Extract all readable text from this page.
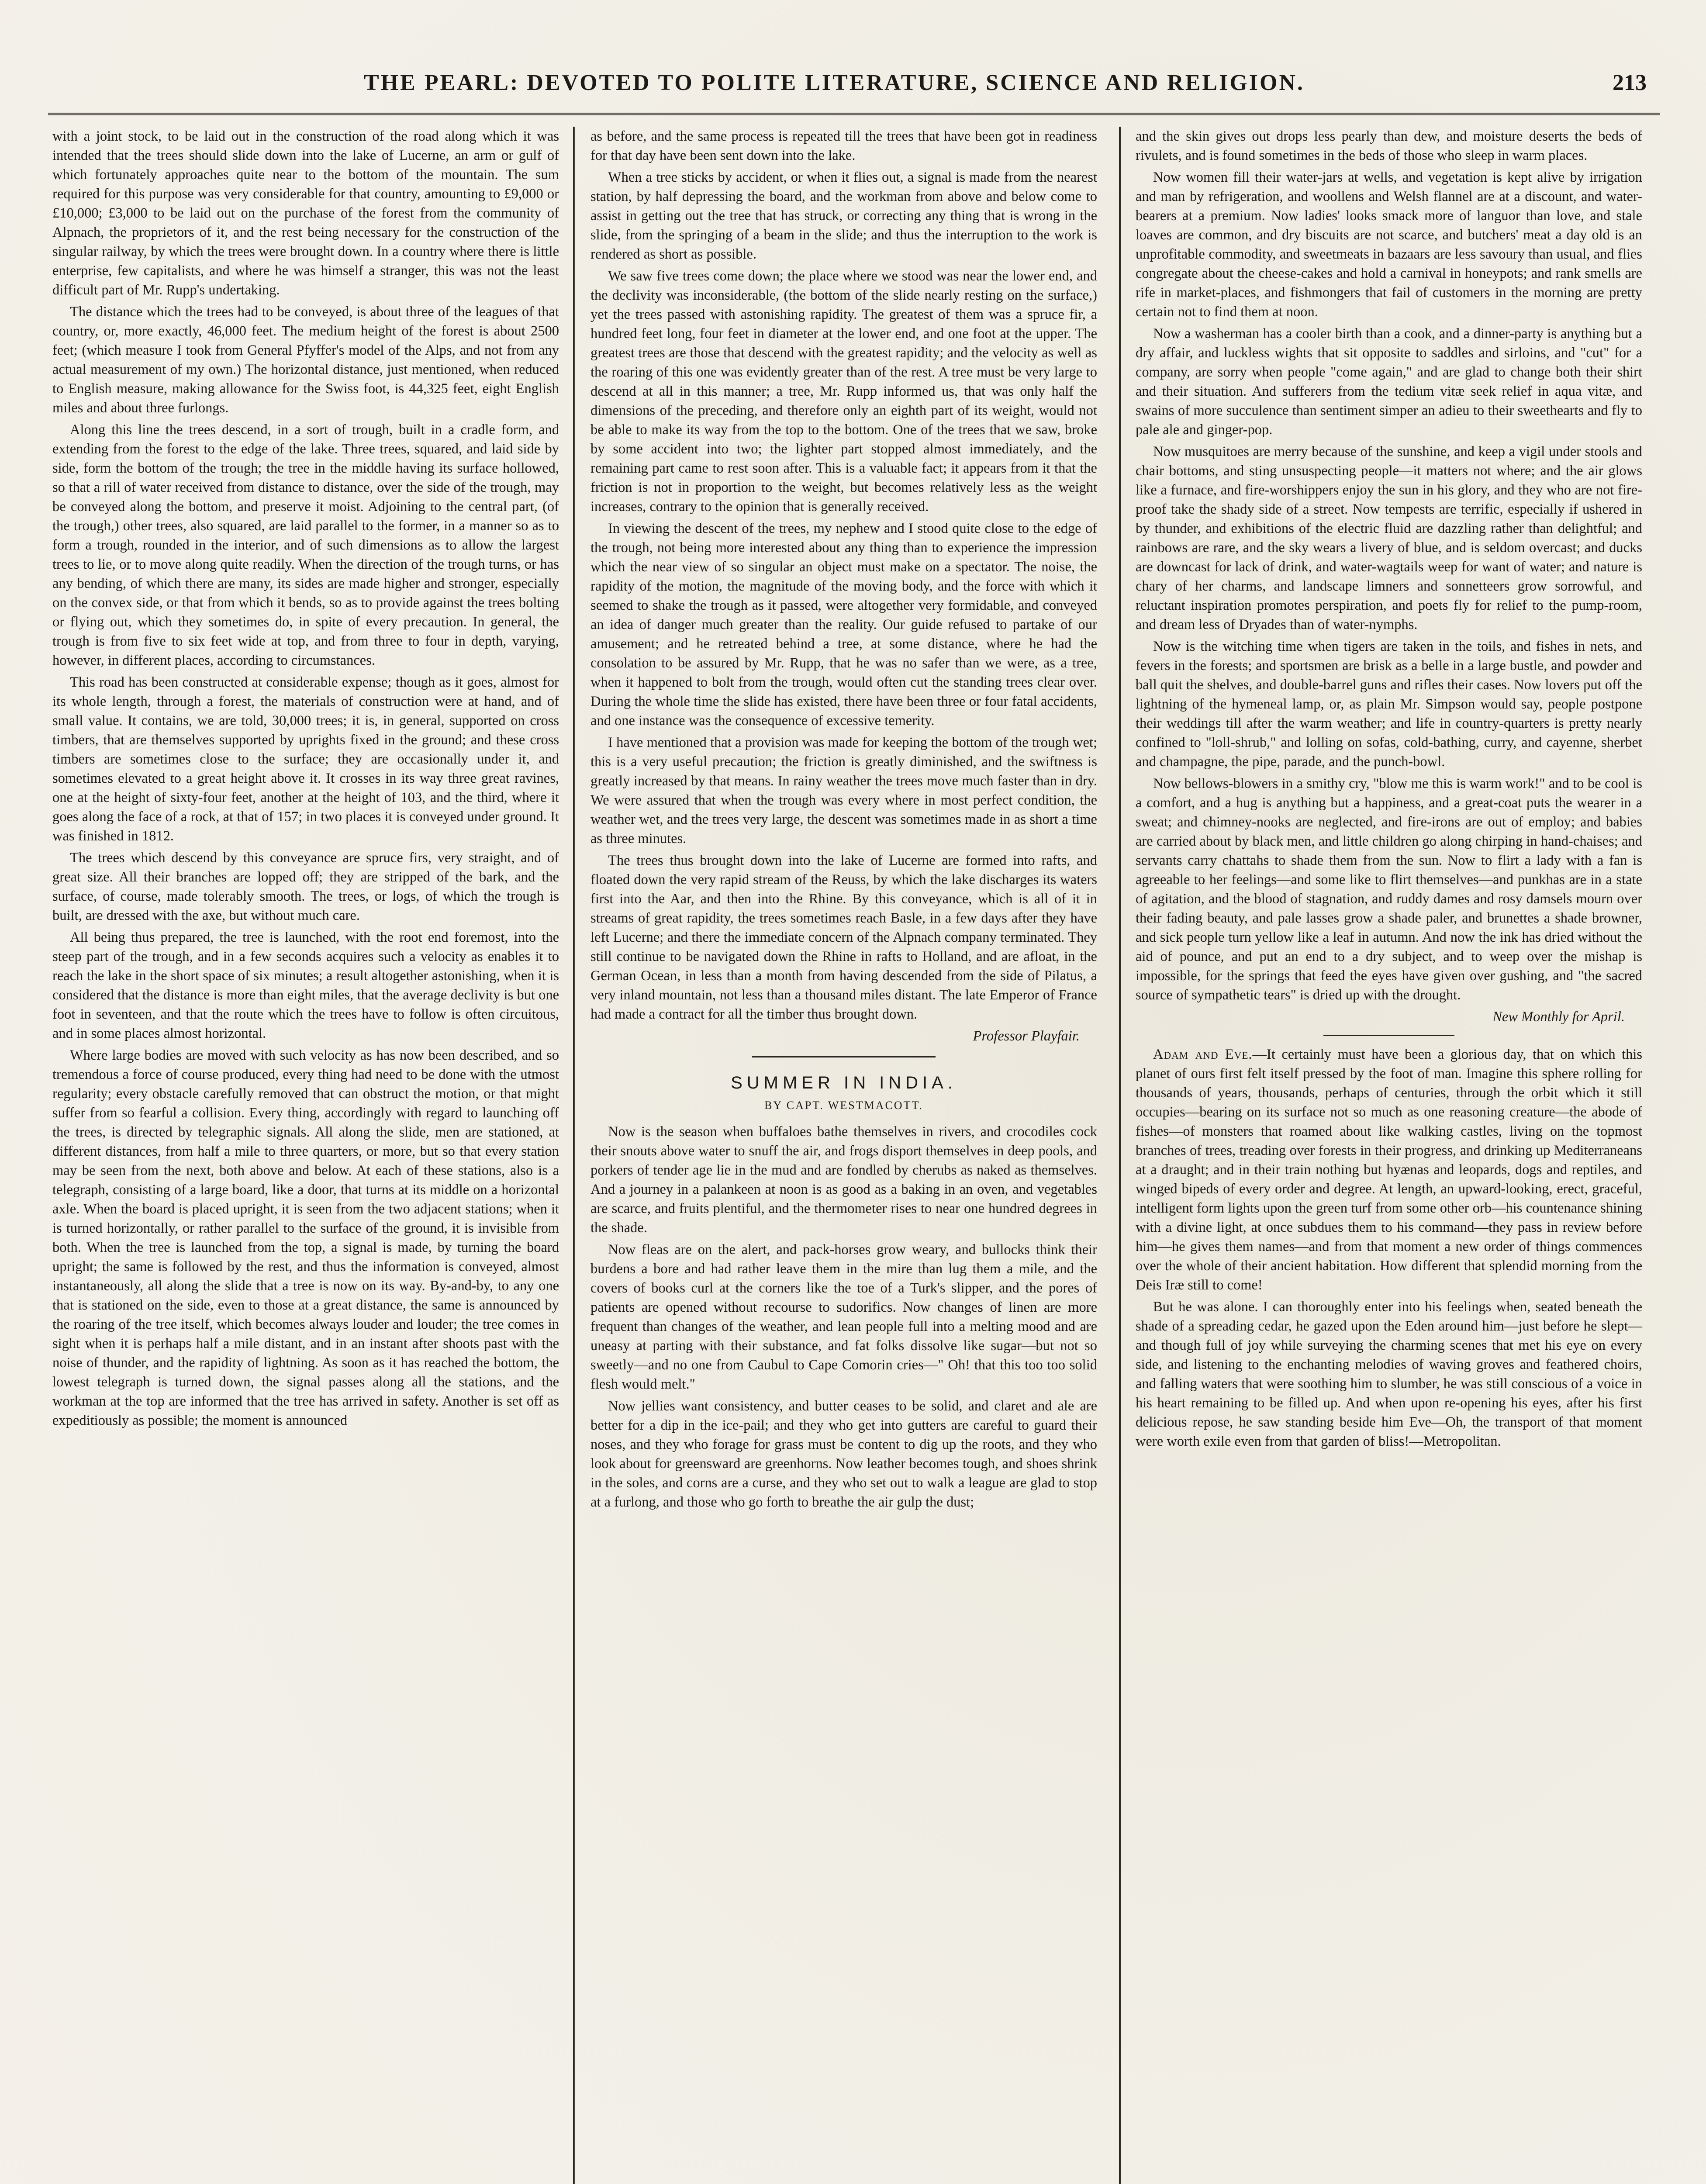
THE PEARL: DEVOTED TO POLITE LITERATURE, SCIENCE AND RELIGION.	213

with a joint stock, to be laid out in the construction of the road along which it was intended that the trees should slide down into the lake of Lucerne, an arm or gulf of which fortunately approaches quite near to the bottom of the mountain. The sum required for this purpose was very considerable for that country, amounting to £9,000 or £10,000; £3,000 to be laid out on the purchase of the forest from the community of Alpnach, the proprietors of it, and the rest being necessary for the construction of the singular railway, by which the trees were brought down. In a country where there is little enterprise, few capitalists, and where he was himself a stranger, this was not the least difficult part of Mr. Rupp's undertaking.

The distance which the trees had to be conveyed, is about three of the leagues of that country, or, more exactly, 46,000 feet. The medium height of the forest is about 2500 feet; (which measure I took from General Pfyffer's model of the Alps, and not from any actual measurement of my own.) The horizontal distance, just mentioned, when reduced to English measure, making allowance for the Swiss foot, is 44,325 feet, eight English miles and about three furlongs.

Along this line the trees descend, in a sort of trough, built in a cradle form, and extending from the forest to the edge of the lake. Three trees, squared, and laid side by side, form the bottom of the trough; the tree in the middle having its surface hollowed, so that a rill of water received from distance to distance, over the side of the trough, may be conveyed along the bottom, and preserve it moist. Adjoining to the central part, (of the trough,) other trees, also squared, are laid parallel to the former, in a manner so as to form a trough, rounded in the interior, and of such dimensions as to allow the largest trees to lie, or to move along quite readily. When the direction of the trough turns, or has any bending, of which there are many, its sides are made higher and stronger, especially on the convex side, or that from which it bends, so as to provide against the trees bolting or flying out, which they sometimes do, in spite of every precaution. In general, the trough is from five to six feet wide at top, and from three to four in depth, varying, however, in different places, according to circumstances.

This road has been constructed at considerable expense; though as it goes, almost for its whole length, through a forest, the materials of construction were at hand, and of small value. It contains, we are told, 30,000 trees; it is, in general, supported on cross timbers, that are themselves supported by uprights fixed in the ground; and these cross timbers are sometimes close to the surface; they are occasionally under it, and sometimes elevated to a great height above it. It crosses in its way three great ravines, one at the height of sixty-four feet, another at the height of 103, and the third, where it goes along the face of a rock, at that of 157; in two places it is conveyed under ground. It was finished in 1812.

The trees which descend by this conveyance are spruce firs, very straight, and of great size. All their branches are lopped off; they are stripped of the bark, and the surface, of course, made tolerably smooth. The trees, or logs, of which the trough is built, are dressed with the axe, but without much care.

All being thus prepared, the tree is launched, with the root end foremost, into the steep part of the trough, and in a few seconds acquires such a velocity as enables it to reach the lake in the short space of six minutes; a result altogether astonishing, when it is considered that the distance is more than eight miles, that the average declivity is but one foot in seventeen, and that the route which the trees have to follow is often circuitous, and in some places almost horizontal.

Where large bodies are moved with such velocity as has now been described, and so tremendous a force of course produced, every thing had need to be done with the utmost regularity; every obstacle carefully removed that can obstruct the motion, or that might suffer from so fearful a collision. Every thing, accordingly with regard to launching off the trees, is directed by telegraphic signals. All along the slide, men are stationed, at different distances, from half a mile to three quarters, or more, but so that every station may be seen from the next, both above and below. At each of these stations, also is a telegraph, consisting of a large board, like a door, that turns at its middle on a horizontal axle. When the board is placed upright, it is seen from the two adjacent stations; when it is turned horizontally, or rather parallel to the surface of the ground, it is invisible from both. When the tree is launched from the top, a signal is made, by turning the board upright; the same is followed by the rest, and thus the information is conveyed, almost instantaneously, all along the slide that a tree is now on its way. By-and-by, to any one that is stationed on the side, even to those at a great distance, the same is announced by the roaring of the tree itself, which becomes always louder and louder; the tree comes in sight when it is perhaps half a mile distant, and in an instant after shoots past with the noise of thunder, and the rapidity of lightning. As soon as it has reached the bottom, the lowest telegraph is turned down, the signal passes along all the stations, and the workman at the top are informed that the tree has arrived in safety. Another is set off as expeditiously as possible; the moment is announced

as before, and the same process is repeated till the trees that have been got in readiness for that day have been sent down into the lake.

When a tree sticks by accident, or when it flies out, a signal is made from the nearest station, by half depressing the board, and the workman from above and below come to assist in getting out the tree that has struck, or correcting any thing that is wrong in the slide, from the springing of a beam in the slide; and thus the interruption to the work is rendered as short as possible.

We saw five trees come down; the place where we stood was near the lower end, and the declivity was inconsiderable, (the bottom of the slide nearly resting on the surface,) yet the trees passed with astonishing rapidity. The greatest of them was a spruce fir, a hundred feet long, four feet in diameter at the lower end, and one foot at the upper. The greatest trees are those that descend with the greatest rapidity; and the velocity as well as the roaring of this one was evidently greater than of the rest. A tree must be very large to descend at all in this manner; a tree, Mr. Rupp informed us, that was only half the dimensions of the preceding, and therefore only an eighth part of its weight, would not be able to make its way from the top to the bottom. One of the trees that we saw, broke by some accident into two; the lighter part stopped almost immediately, and the remaining part came to rest soon after. This is a valuable fact; it appears from it that the friction is not in proportion to the weight, but becomes relatively less as the weight increases, contrary to the opinion that is generally received.

In viewing the descent of the trees, my nephew and I stood quite close to the edge of the trough, not being more interested about any thing than to experience the impression which the near view of so singular an object must make on a spectator. The noise, the rapidity of the motion, the magnitude of the moving body, and the force with which it seemed to shake the trough as it passed, were altogether very formidable, and conveyed an idea of danger much greater than the reality. Our guide refused to partake of our amusement; and he retreated behind a tree, at some distance, where he had the consolation to be assured by Mr. Rupp, that he was no safer than we were, as a tree, when it happened to bolt from the trough, would often cut the standing trees clear over. During the whole time the slide has existed, there have been three or four fatal accidents, and one instance was the consequence of excessive temerity.

I have mentioned that a provision was made for keeping the bottom of the trough wet; this is a very useful precaution; the friction is greatly diminished, and the swiftness is greatly increased by that means. In rainy weather the trees move much faster than in dry. We were assured that when the trough was every where in most perfect condition, the weather wet, and the trees very large, the descent was sometimes made in as short a time as three minutes.

The trees thus brought down into the lake of Lucerne are formed into rafts, and floated down the very rapid stream of the Reuss, by which the lake discharges its waters first into the Aar, and then into the Rhine. By this conveyance, which is all of it in streams of great rapidity, the trees sometimes reach Basle, in a few days after they have left Lucerne; and there the immediate concern of the Alpnach company terminated. They still continue to be navigated down the Rhine in rafts to Holland, and are afloat, in the German Ocean, in less than a month from having descended from the side of Pilatus, a very inland mountain, not less than a thousand miles distant. The late Emperor of France had made a contract for all the timber thus brought down.

Professor Playfair.
SUMMER IN INDIA.
BY CAPT. WESTMACOTT.

Now is the season when buffaloes bathe themselves in rivers, and crocodiles cock their snouts above water to snuff the air, and frogs disport themselves in deep pools, and porkers of tender age lie in the mud and are fondled by cherubs as naked as themselves. And a journey in a palankeen at noon is as good as a baking in an oven, and vegetables are scarce, and fruits plentiful, and the thermometer rises to near one hundred degrees in the shade.

Now fleas are on the alert, and pack-horses grow weary, and bullocks think their burdens a bore and had rather leave them in the mire than lug them a mile, and the covers of books curl at the corners like the toe of a Turk's slipper, and the pores of patients are opened without recourse to sudorifics. Now changes of linen are more frequent than changes of the weather, and lean people full into a melting mood and are uneasy at parting with their substance, and fat folks dissolve like sugar—but not so sweetly—and no one from Caubul to Cape Comorin cries—" Oh! that this too too solid flesh would melt."

Now jellies want consistency, and butter ceases to be solid, and claret and ale are better for a dip in the ice-pail; and they who get into gutters are careful to guard their noses, and they who forage for grass must be content to dig up the roots, and they who look about for greensward are greenhorns. Now leather becomes tough, and shoes shrink in the soles, and corns are a curse, and they who set out to walk a league are glad to stop at a furlong, and those who go forth to breathe the air gulp the dust;

and the skin gives out drops less pearly than dew, and moisture deserts the beds of rivulets, and is found sometimes in the beds of those who sleep in warm places.

Now women fill their water-jars at wells, and vegetation is kept alive by irrigation and man by refrigeration, and woollens and Welsh flannel are at a discount, and water-bearers at a premium. Now ladies' looks smack more of languor than love, and stale loaves are common, and dry biscuits are not scarce, and butchers' meat a day old is an unprofitable commodity, and sweetmeats in bazaars are less savoury than usual, and flies congregate about the cheese-cakes and hold a carnival in honeypots; and rank smells are rife in market-places, and fishmongers that fail of customers in the morning are pretty certain not to find them at noon.

Now a washerman has a cooler birth than a cook, and a dinner-party is anything but a dry affair, and luckless wights that sit opposite to saddles and sirloins, and "cut" for a company, are sorry when people "come again," and are glad to change both their shirt and their situation. And sufferers from the tedium vitæ seek relief in aqua vitæ, and swains of more succulence than sentiment simper an adieu to their sweethearts and fly to pale ale and ginger-pop.

Now musquitoes are merry because of the sunshine, and keep a vigil under stools and chair bottoms, and sting unsuspecting people—it matters not where; and the air glows like a furnace, and fire-worshippers enjoy the sun in his glory, and they who are not fire-proof take the shady side of a street. Now tempests are terrific, especially if ushered in by thunder, and exhibitions of the electric fluid are dazzling rather than delightful; and rainbows are rare, and the sky wears a livery of blue, and is seldom overcast; and ducks are downcast for lack of drink, and water-wagtails weep for want of water; and nature is chary of her charms, and landscape limners and sonnetteers grow sorrowful, and reluctant inspiration promotes perspiration, and poets fly for relief to the pump-room, and dream less of Dryades than of water-nymphs.

Now is the witching time when tigers are taken in the toils, and fishes in nets, and fevers in the forests; and sportsmen are brisk as a belle in a large bustle, and powder and ball quit the shelves, and double-barrel guns and rifles their cases. Now lovers put off the lightning of the hymeneal lamp, or, as plain Mr. Simpson would say, people postpone their weddings till after the warm weather; and life in country-quarters is pretty nearly confined to "loll-shrub," and lolling on sofas, cold-bathing, curry, and cayenne, sherbet and champagne, the pipe, parade, and the punch-bowl.

Now bellows-blowers in a smithy cry, "blow me this is warm work!" and to be cool is a comfort, and a hug is anything but a happiness, and a great-coat puts the wearer in a sweat; and chimney-nooks are neglected, and fire-irons are out of employ; and babies are carried about by black men, and little children go along chirping in hand-chaises; and servants carry chattahs to shade them from the sun. Now to flirt a lady with a fan is agreeable to her feelings—and some like to flirt themselves—and punkhas are in a state of agitation, and the blood of stagnation, and ruddy dames and rosy damsels mourn over their fading beauty, and pale lasses grow a shade paler, and brunettes a shade browner, and sick people turn yellow like a leaf in autumn. And now the ink has dried without the aid of pounce, and put an end to a dry subject, and to weep over the mishap is impossible, for the springs that feed the eyes have given over gushing, and "the sacred source of sympathetic tears" is dried up with the drought.

New Monthly for April.

Adam and Eve.—It certainly must have been a glorious day, that on which this planet of ours first felt itself pressed by the foot of man. Imagine this sphere rolling for thousands of years, thousands, perhaps of centuries, through the orbit which it still occupies—bearing on its surface not so much as one reasoning creature—the abode of fishes—of monsters that roamed about like walking castles, living on the topmost branches of trees, treading over forests in their progress, and drinking up Mediterraneans at a draught; and in their train nothing but hyænas and leopards, dogs and reptiles, and winged bipeds of every order and degree. At length, an upward-looking, erect, graceful, intelligent form lights upon the green turf from some other orb—his countenance shining with a divine light, at once subdues them to his command—they pass in review before him—he gives them names—and from that moment a new order of things commences over the whole of their ancient habitation. How different that splendid morning from the Deis Iræ still to come!

But he was alone. I can thoroughly enter into his feelings when, seated beneath the shade of a spreading cedar, he gazed upon the Eden around him—just before he slept—and though full of joy while surveying the charming scenes that met his eye on every side, and listening to the enchanting melodies of waving groves and feathered choirs, and falling waters that were soothing him to slumber, he was still conscious of a voice in his heart remaining to be filled up. And when upon re-opening his eyes, after his first delicious repose, he saw standing beside him Eve—Oh, the transport of that moment were worth exile even from that garden of bliss!—Metropolitan.
